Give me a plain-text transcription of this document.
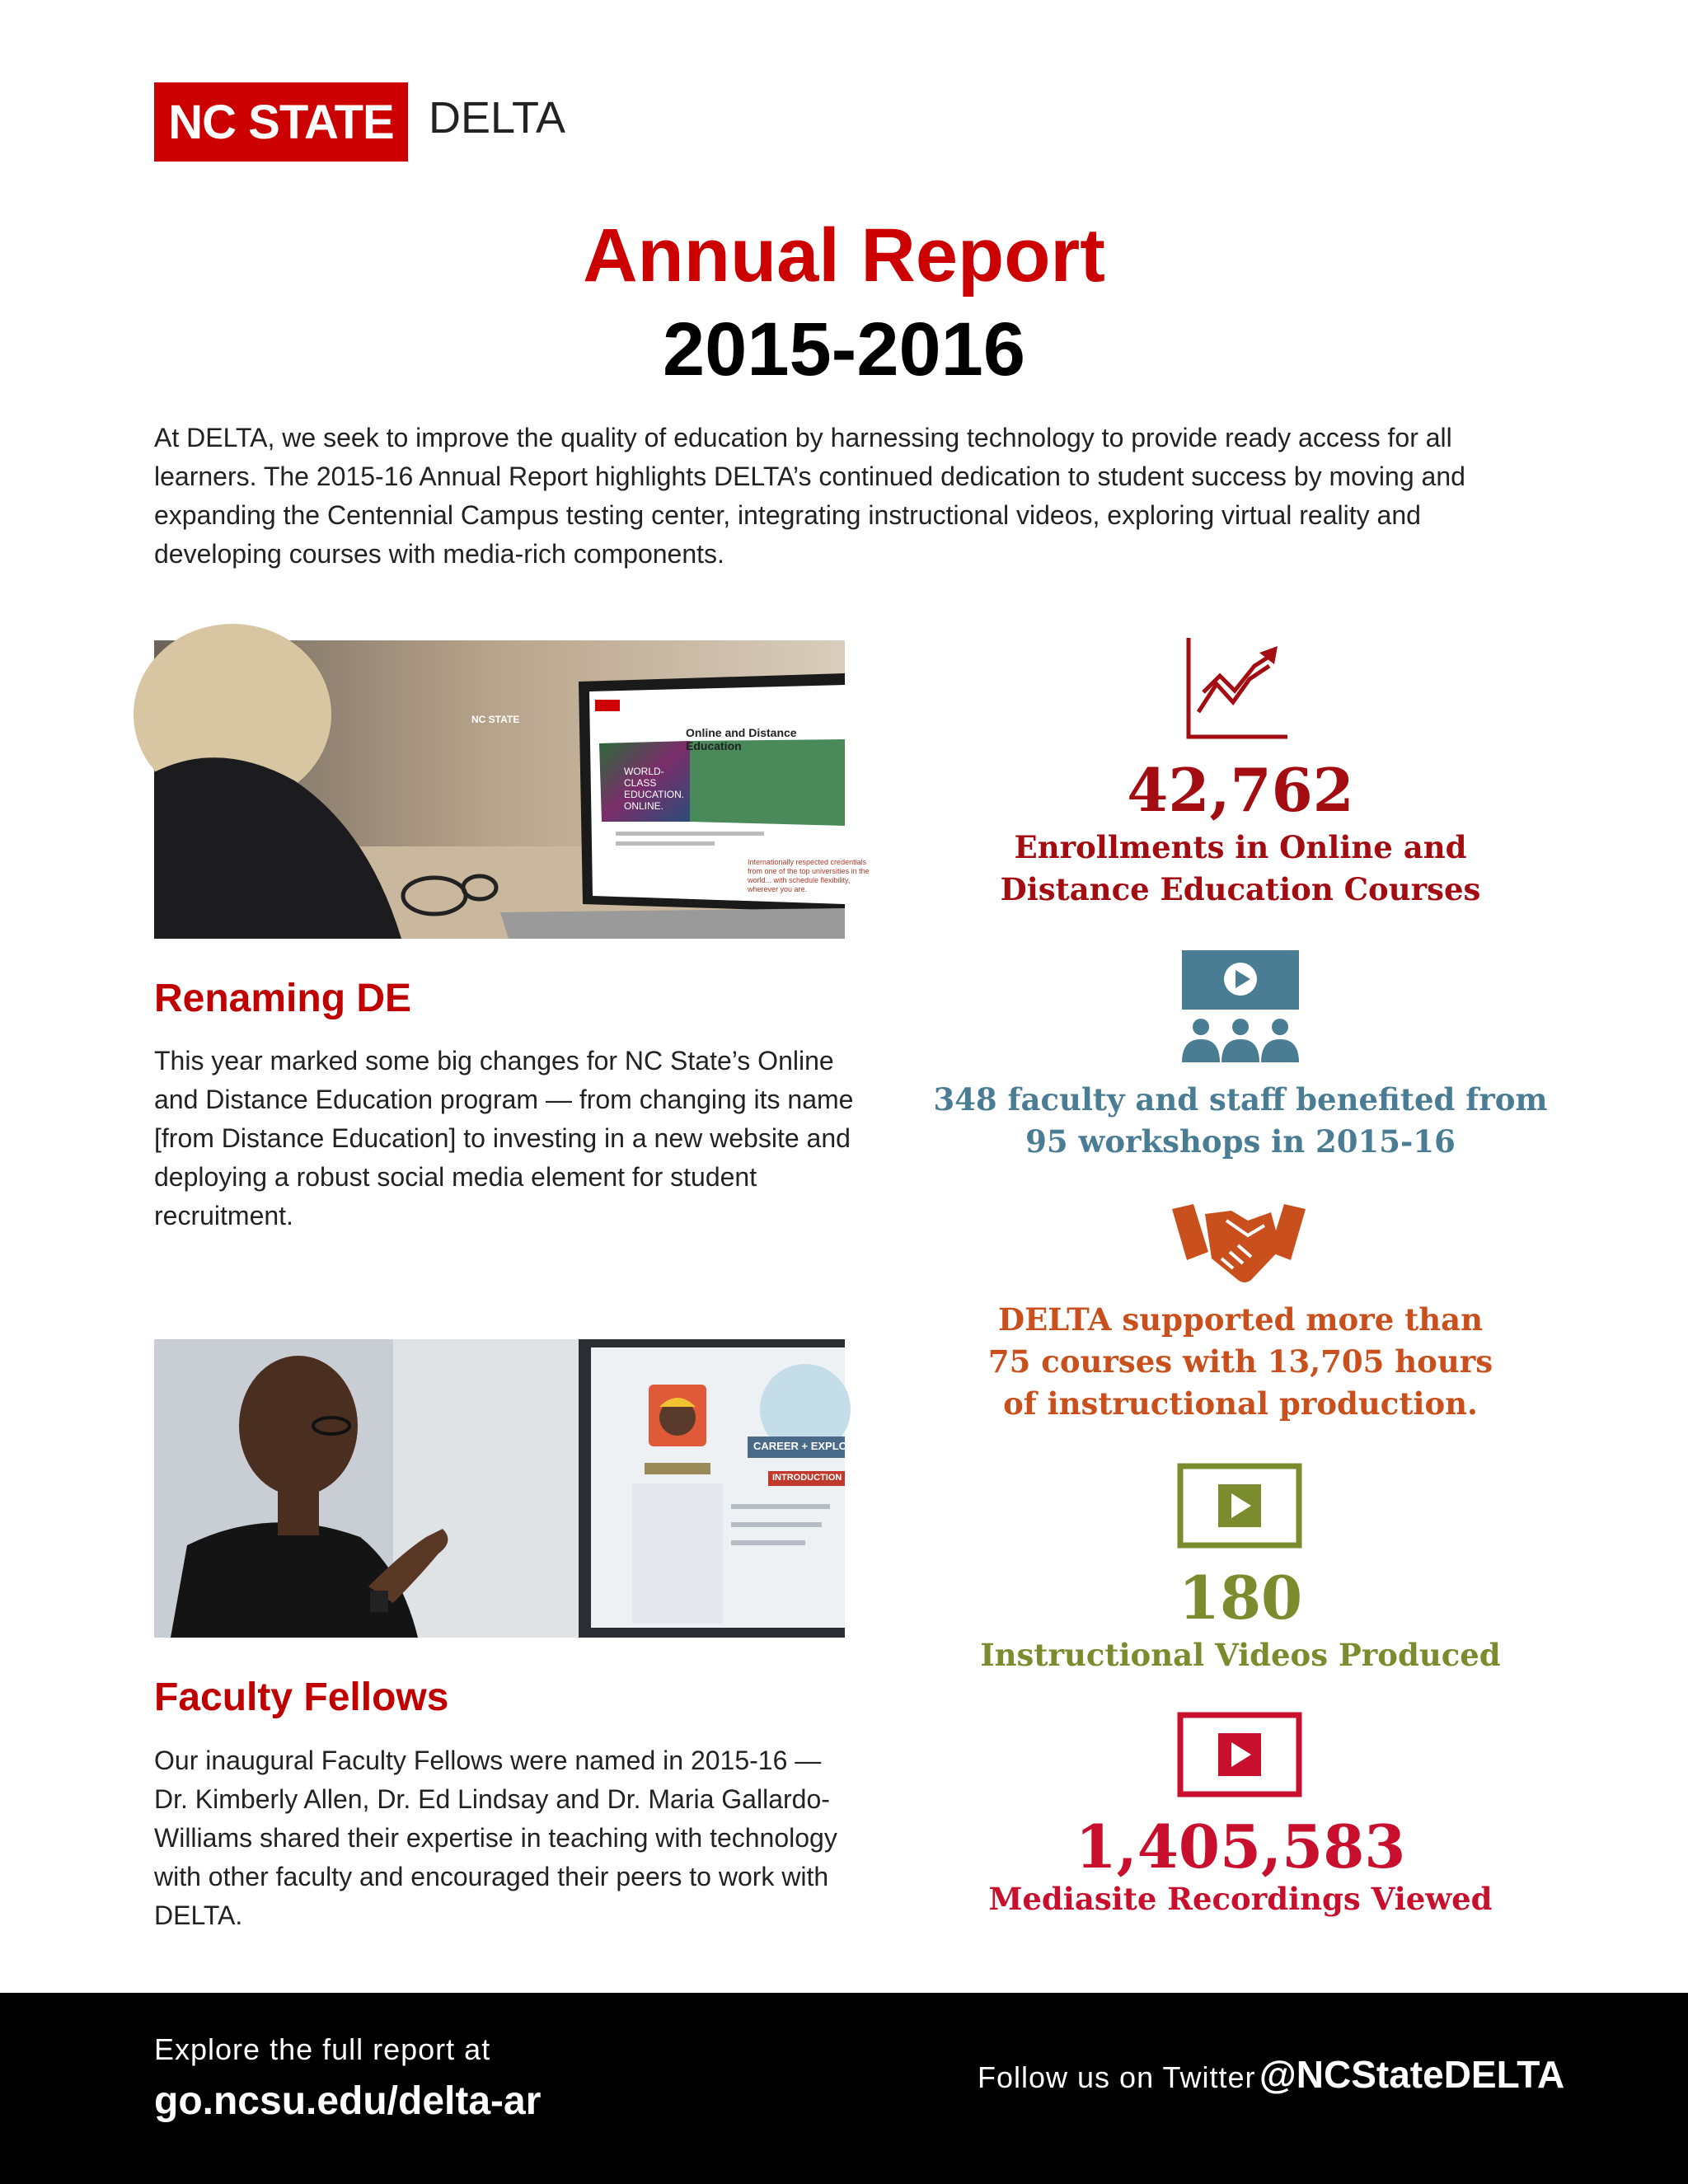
NC STATE DELTA
Annual Report
2015-2016
At DELTA, we seek to improve the quality of education by harnessing technology to provide ready access for all learners. The 2015-16 Annual Report highlights DELTA’s continued dedication to student success by moving and expanding the Centennial Campus testing center, integrating instructional videos, exploring virtual reality and developing courses with media-rich components.
NC STATE
Online and Distance Education
WORLD-CLASS EDUCATION. ONLINE.
Internationally respected credentials from one of the top universities in the world... with schedule flexibility, wherever you are.
Renaming DE
This year marked some big changes for NC State’s Online and Distance Education program — from changing its name [from Distance Education] to investing in a new website and deploying a robust social media element for student recruitment.
CAREER + EXPLOR
INTRODUCTION
Faculty Fellows
Our inaugural Faculty Fellows were named in 2015-16 — Dr. Kimberly Allen, Dr. Ed Lindsay and Dr. Maria Gallardo-Williams shared their expertise in teaching with technology with other faculty and encouraged their peers to work with DELTA.
42,762
Enrollments in Online and Distance Education Courses
348 faculty and staff benefited from 95 workshops in 2015-16
DELTA supported more than 75 courses with 13,705 hours of instructional production.
180
Instructional Videos Produced
1,405,583
Mediasite Recordings Viewed
Explore the full report at
go.ncsu.edu/delta-ar
Follow us on Twitter @NCStateDELTA
